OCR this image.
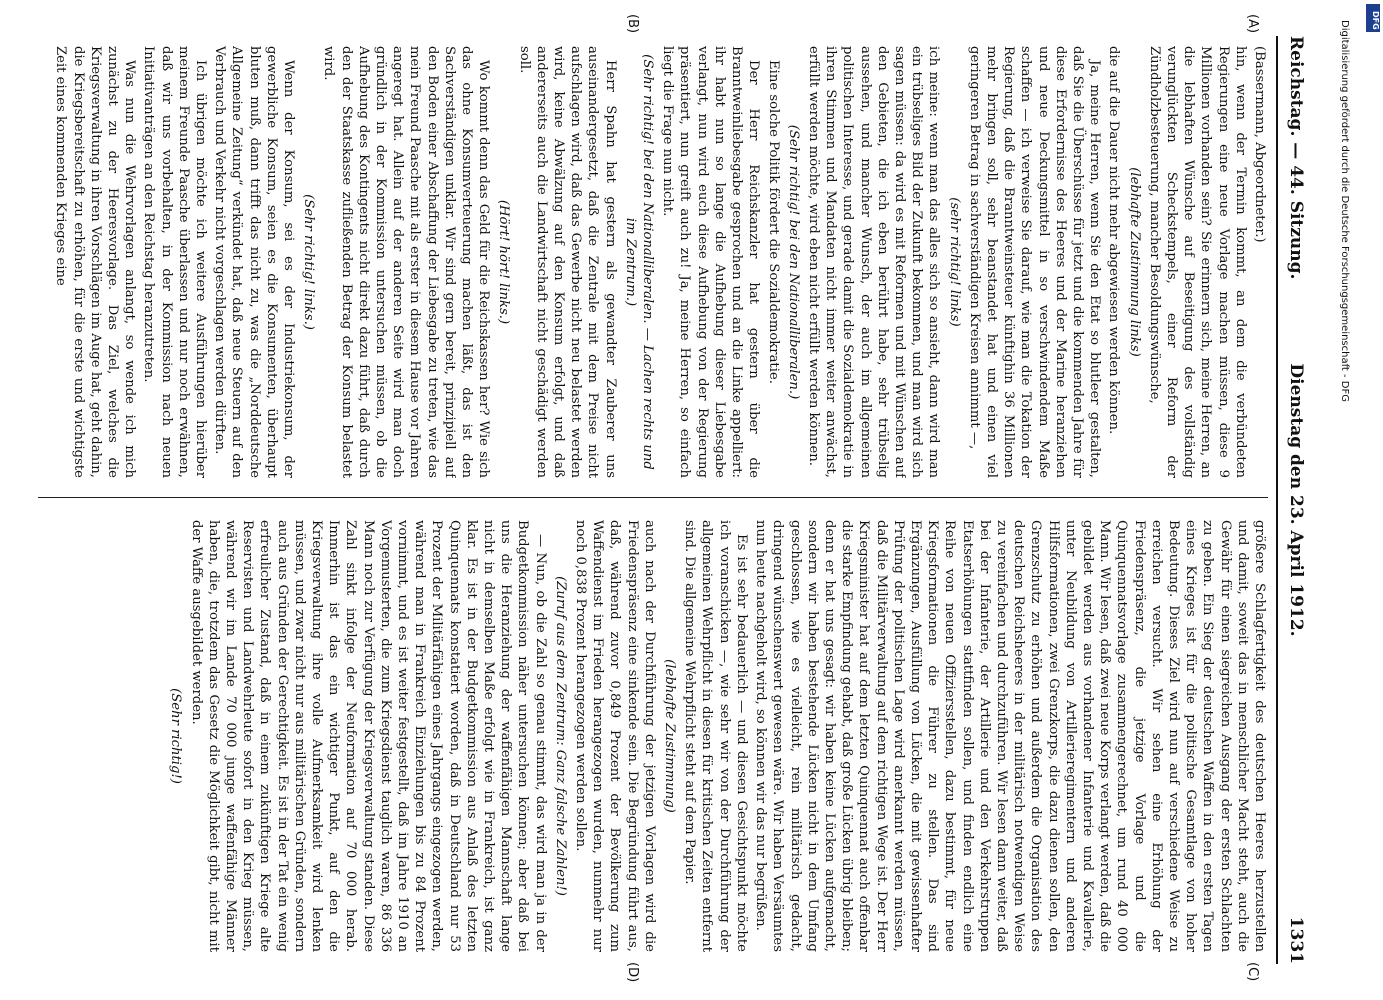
Reichstag. — 44. Sitzung.
Dienstag den 23. April 1912.
1331
(A)
(B)
(C)
(D)

(Bassermann, Abgeordneter.)

hin, wenn der Termin kommt, an dem die verbündeten Regierungen eine neue Vorlage machen müssen, diese 9 Millionen vorhanden sein? Sie erinnern sich, meine Herren, an die lebhaften Wünsche auf Beseitigung des vollständig verunglückten Scheckstempels, einer Reform der Zündholzbesteuerung, mancher Besoldungswünsche,

(lebhafte Zustimmung links)

die auf die Dauer nicht mehr abgewiesen werden können.

Ja, meine Herren, wenn Sie den Etat so blutleer gestalten, daß Sie die Überschüsse für jetzt und die kommenden Jahre für diese Erfordernisse des Heeres und der Marine heranziehen und neue Deckungsmittel in so verschwindendem Maße schaffen — ich verweise Sie darauf, wie man die Tokation der Regierung, daß die Branntweinsteuer künftighin 36 Millionen mehr bringen soll, sehr beanstandet hat und einen viel geringeren Betrag in sachverständigen Kreisen annimmt —,

(sehr richtig! links)

ich meine: wenn man das alles sich so ansieht, dann wird man ein trübseliges Bild der Zukunft bekommen, und man wird sich sagen müssen: da wird es mit Reformen und mit Wünschen auf den Gebieten, die ich eben berührt habe, sehr trübselig aussehen, und mancher Wunsch, der auch im allgemeinen politischen Interesse, und gerade damit die Sozialdemokratie in ihren Stimmen und Mandaten nicht immer weiter anwächst, erfüllt werden möchte, wird eben nicht erfüllt werden können.

(Sehr richtig! bei den Nationalliberalen.)

Eine solche Politik fördert die Sozialdemokratie.

Der Herr Reichskanzler hat gestern über die Branntweinliebesgabe gesprochen und an die Linke appelliert: ihr habt nun so lange die Aufhebung dieser Liebesgabe verlangt, nun wird euch diese Aufhebung von der Regierung präsentiert, nun greift auch zu! Ja, meine Herren, so einfach liegt die Frage nun nicht.

(Sehr richtig! bei den Nationalliberalen. — Lachen rechts und im Zentrum.)

Herr Spahn hat gestern als gewandter Zauberer uns auseinandergesetzt, daß die Zentrale mit dem Preise nicht aufschlagen wird, daß das Gewerbe nicht neu belastet werden wird, keine Abwälzung auf den Konsum erfolgt, und daß andererseits auch die Landwirtschaft nicht geschädigt werden soll.

(Hört! hört! links.)

Wo kommt denn das Geld für die Reichskassen her? Wie sich das ohne Konsumverteuerung machen läßt, das ist den Sachverständigen unklar. Wir sind gern bereit, prinzipiell auf den Boden einer Abschaffung der Liebesgabe zu treten, wie das mein Freund Paasche mit als erster in diesem Hause vor Jahren angeregt hat. Allein auf der anderen Seite wird man doch gründlich in der Kommission untersuchen müssen, ob die Aufhebung des Kontingents nicht direkt dazu führt, daß durch den der Staatskasse zufließenden Betrag der Konsum belastet wird.

(Sehr richtig! links.)

Wenn der Konsum, sei es der Industriekonsum, der gewerbliche Konsum, seien es die Konsumenten, überhaupt bluten muß, dann trifft das nicht zu, was die „Norddeutsche Allgemeine Zeitung“ verkündet hat, daß neue Steuern auf den Verbrauch und Verkehr nicht vorgeschlagen werden dürften.

Ich übrigen möchte ich weitere Ausführungen hierüber meinem Freunde Paasche überlassen und nur noch erwähnen, daß wir uns vorbehalten, in der Kommission nach neuen Initiativanträgen an den Reichstag heranzutreten.

Was nun die Wehrvorlagen anlangt, so wende ich mich zunächst zu der Heeresvorlage. Das Ziel, welches die Kriegsverwaltung in ihren Vorschlägen im Auge hat, geht dahin, die Kriegsbereitschaft zu erhöhen, für die erste und wichtigste Zeit eines kommenden Krieges eine

größere Schlagfertigkeit des deutschen Heeres herzustellen und damit, soweit das in menschlicher Macht steht, auch die Gewähr für einen siegreichen Ausgang der ersten Schlachten zu geben. Ein Sieg der deutschen Waffen in den ersten Tagen eines Krieges ist für die politische Gesamtlage von hoher Bedeutung. Dieses Ziel wird nun auf verschiedene Weise zu erreichen versucht. Wir sehen eine Erhöhung der Friedenspräsenz, die jetzige Vorlage und die Quinquennatsvorlage zusammengerechnet, um rund 40 000 Mann. Wir lesen, daß zwei neue Korps verlangt werden, daß die gebildet werden aus vorhandener Infanterie und Kavallerie, unter Neubildung von Artillerieregimentern und anderen Hilfsformationen, zwei Grenzkorps, die dazu dienen sollen, den Grenzschutz zu erhöhen und außerdem die Organisation des deutschen Reichsheeres in der militärisch notwendigen Weise zu vereinfachen und durchzuführen. Wir lesen dann weiter, daß bei der Infanterie, der Artillerie und den Verkehrstruppen Etatserhöhungen stattfinden sollen, und finden endlich eine Reihe von neuen Offiziersstellen, dazu bestimmt, für neue Kriegsformationen die Führer zu stellen. Das sind Ergänzungen, Ausfüllung von Lücken, die mit gewissenhafter Prüfung der politischen Lage wird anerkannt werden müssen, daß die Militärverwaltung auf dem richtigen Wege ist. Der Herr Kriegsminister hat auf dem letzten Quinquennat auch offenbar die starke Empfindung gehabt, daß große Lücken übrig bleiben; denn er hat uns gesagt: wir haben keine Lücken aufgemacht, sondern wir haben bestehende Lücken nicht in dem Umfang geschlossen, wie es vielleicht, rein militärisch gedacht, dringend wünschenswert gewesen wäre. Wir haben Versäumtes nun heute nachgeholt wird, so können wir das nur begrüßen.

Es ist sehr bedauerlich — und diesen Gesichtspunkt möchte ich voranschicken —, wie sehr wir von der Durchführung der allgemeinen Wehrpflicht in diesen für kritischen Zeiten entfernt sind. Die allgemeine Wehrpflicht steht auf dem Papier.

(lebhafte Zustimmung)

auch nach der Durchführung der jetzigen Vorlagen wird die Friedenspräsenz eine sinkende sein. Die Begründung führt aus, daß, während zuvor 0,849 Prozent der Bevölkerung zum Waffendienst im Frieden herangezogen wurden, nunmehr nur noch 0,838 Prozent herangezogen werden sollen.

(Zuruf aus dem Zentrum: Ganz falsche Zahlen!)

— Nun, ob die Zahl so genau stimmt, das wird man ja in der Budgetkommission näher untersuchen können; aber daß bei uns die Heranziehung der waffenfähigen Mannschaft lange nicht in demselben Maße erfolgt wie in Frankreich, ist ganz klar. Es ist in der Budgetkommission aus Anlaß des letzten Quinquennats konstatiert worden, daß in Deutschland nur 53 Prozent der Militärfähigen eines Jahrgangs eingezogen werden, während man in Frankreich Einziehungen bis zu 84 Prozent vornimmt, und es ist weiter festgestellt, daß im Jahre 1910 an Vorgemusterten, die zum Kriegsdienst tauglich waren, 86 336 Mann noch zur Verfügung der Kriegsverwaltung standen. Diese Zahl sinkt infolge der Neuformation auf 70 000 herab. Immerhin ist das ein wichtiger Punkt, auf den die Kriegsverwaltung ihre volle Aufmerksamkeit wird lenken müssen, und zwar nicht nur aus militärischen Gründen, sondern auch aus Gründen der Gerechtigkeit. Es ist in der Tat ein wenig erfreulicher Zustand, daß in einem zukünftigen Kriege alte Reservisten und Landwehrleute sofort in den Krieg müssen, während wir im Lande 70 000 junge waffenfähige Männer haben, die, trotzdem das Gesetz die Möglichkeit gibt, nicht mit der Waffe ausgebildet werden.

(Sehr richtig!)

Digitalisierung gefördert durch die Deutsche Forschungsgemeinschaft - DFG	DFG
